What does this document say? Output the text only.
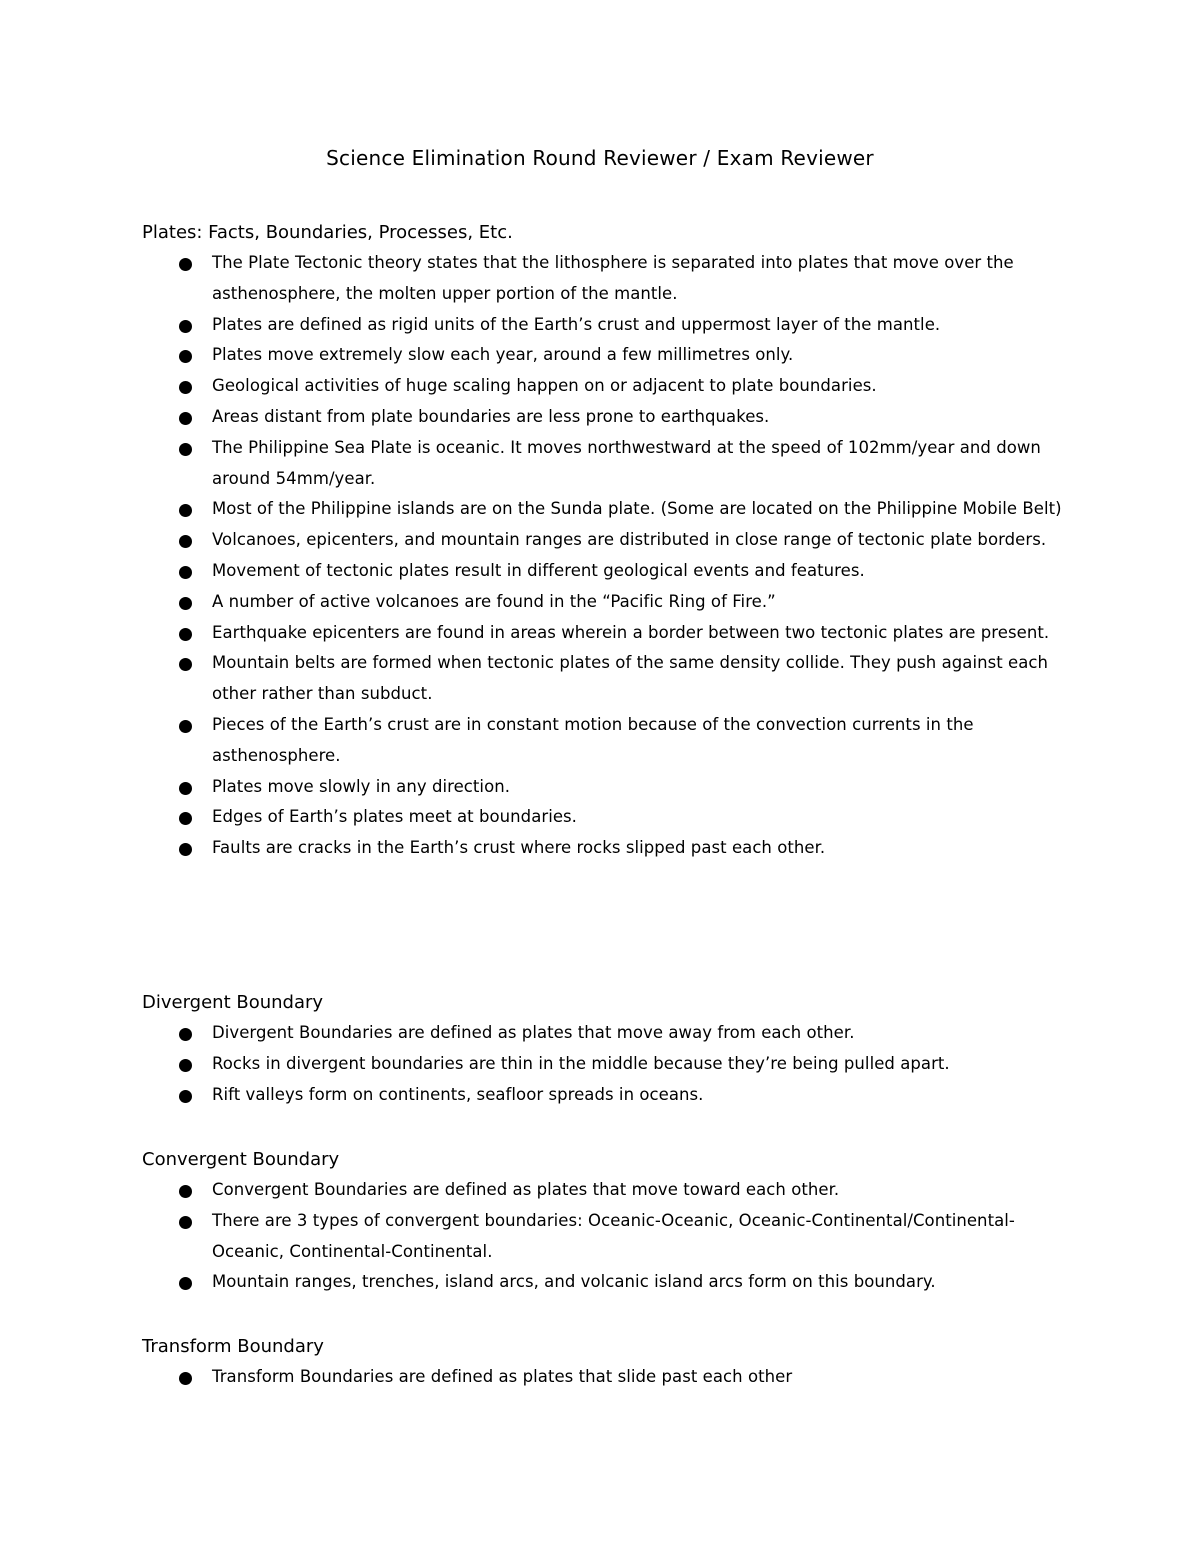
Science Elimination Round Reviewer / Exam Reviewer
Plates: Facts, Boundaries, Processes, Etc.
The Plate Tectonic theory states that the lithosphere is separated into plates that move over the asthenosphere, the molten upper portion of the mantle.
Plates are defined as rigid units of the Earth’s crust and uppermost layer of the mantle.
Plates move extremely slow each year, around a few millimetres only.
Geological activities of huge scaling happen on or adjacent to plate boundaries.
Areas distant from plate boundaries are less prone to earthquakes.
The Philippine Sea Plate is oceanic. It moves northwestward at the speed of 102mm/year and down around 54mm/year.
Most of the Philippine islands are on the Sunda plate. (Some are located on the Philippine Mobile Belt)
Volcanoes, epicenters, and mountain ranges are distributed in close range of tectonic plate borders.
Movement of tectonic plates result in different geological events and features.
A number of active volcanoes are found in the “Pacific Ring of Fire.”
Earthquake epicenters are found in areas wherein a border between two tectonic plates are present.
Mountain belts are formed when tectonic plates of the same density collide. They push against each other rather than subduct.
Pieces of the Earth’s crust are in constant motion because of the convection currents in the asthenosphere.
Plates move slowly in any direction.
Edges of Earth’s plates meet at boundaries.
Faults are cracks in the Earth’s crust where rocks slipped past each other.
Divergent Boundary
Divergent Boundaries are defined as plates that move away from each other.
Rocks in divergent boundaries are thin in the middle because they’re being pulled apart.
Rift valleys form on continents, seafloor spreads in oceans.
Convergent Boundary
Convergent Boundaries are defined as plates that move toward each other.
There are 3 types of convergent boundaries: Oceanic-Oceanic, Oceanic-Continental/Continental-Oceanic, Continental-Continental.
Mountain ranges, trenches, island arcs, and volcanic island arcs form on this boundary.
Transform Boundary
Transform Boundaries are defined as plates that slide past each other
